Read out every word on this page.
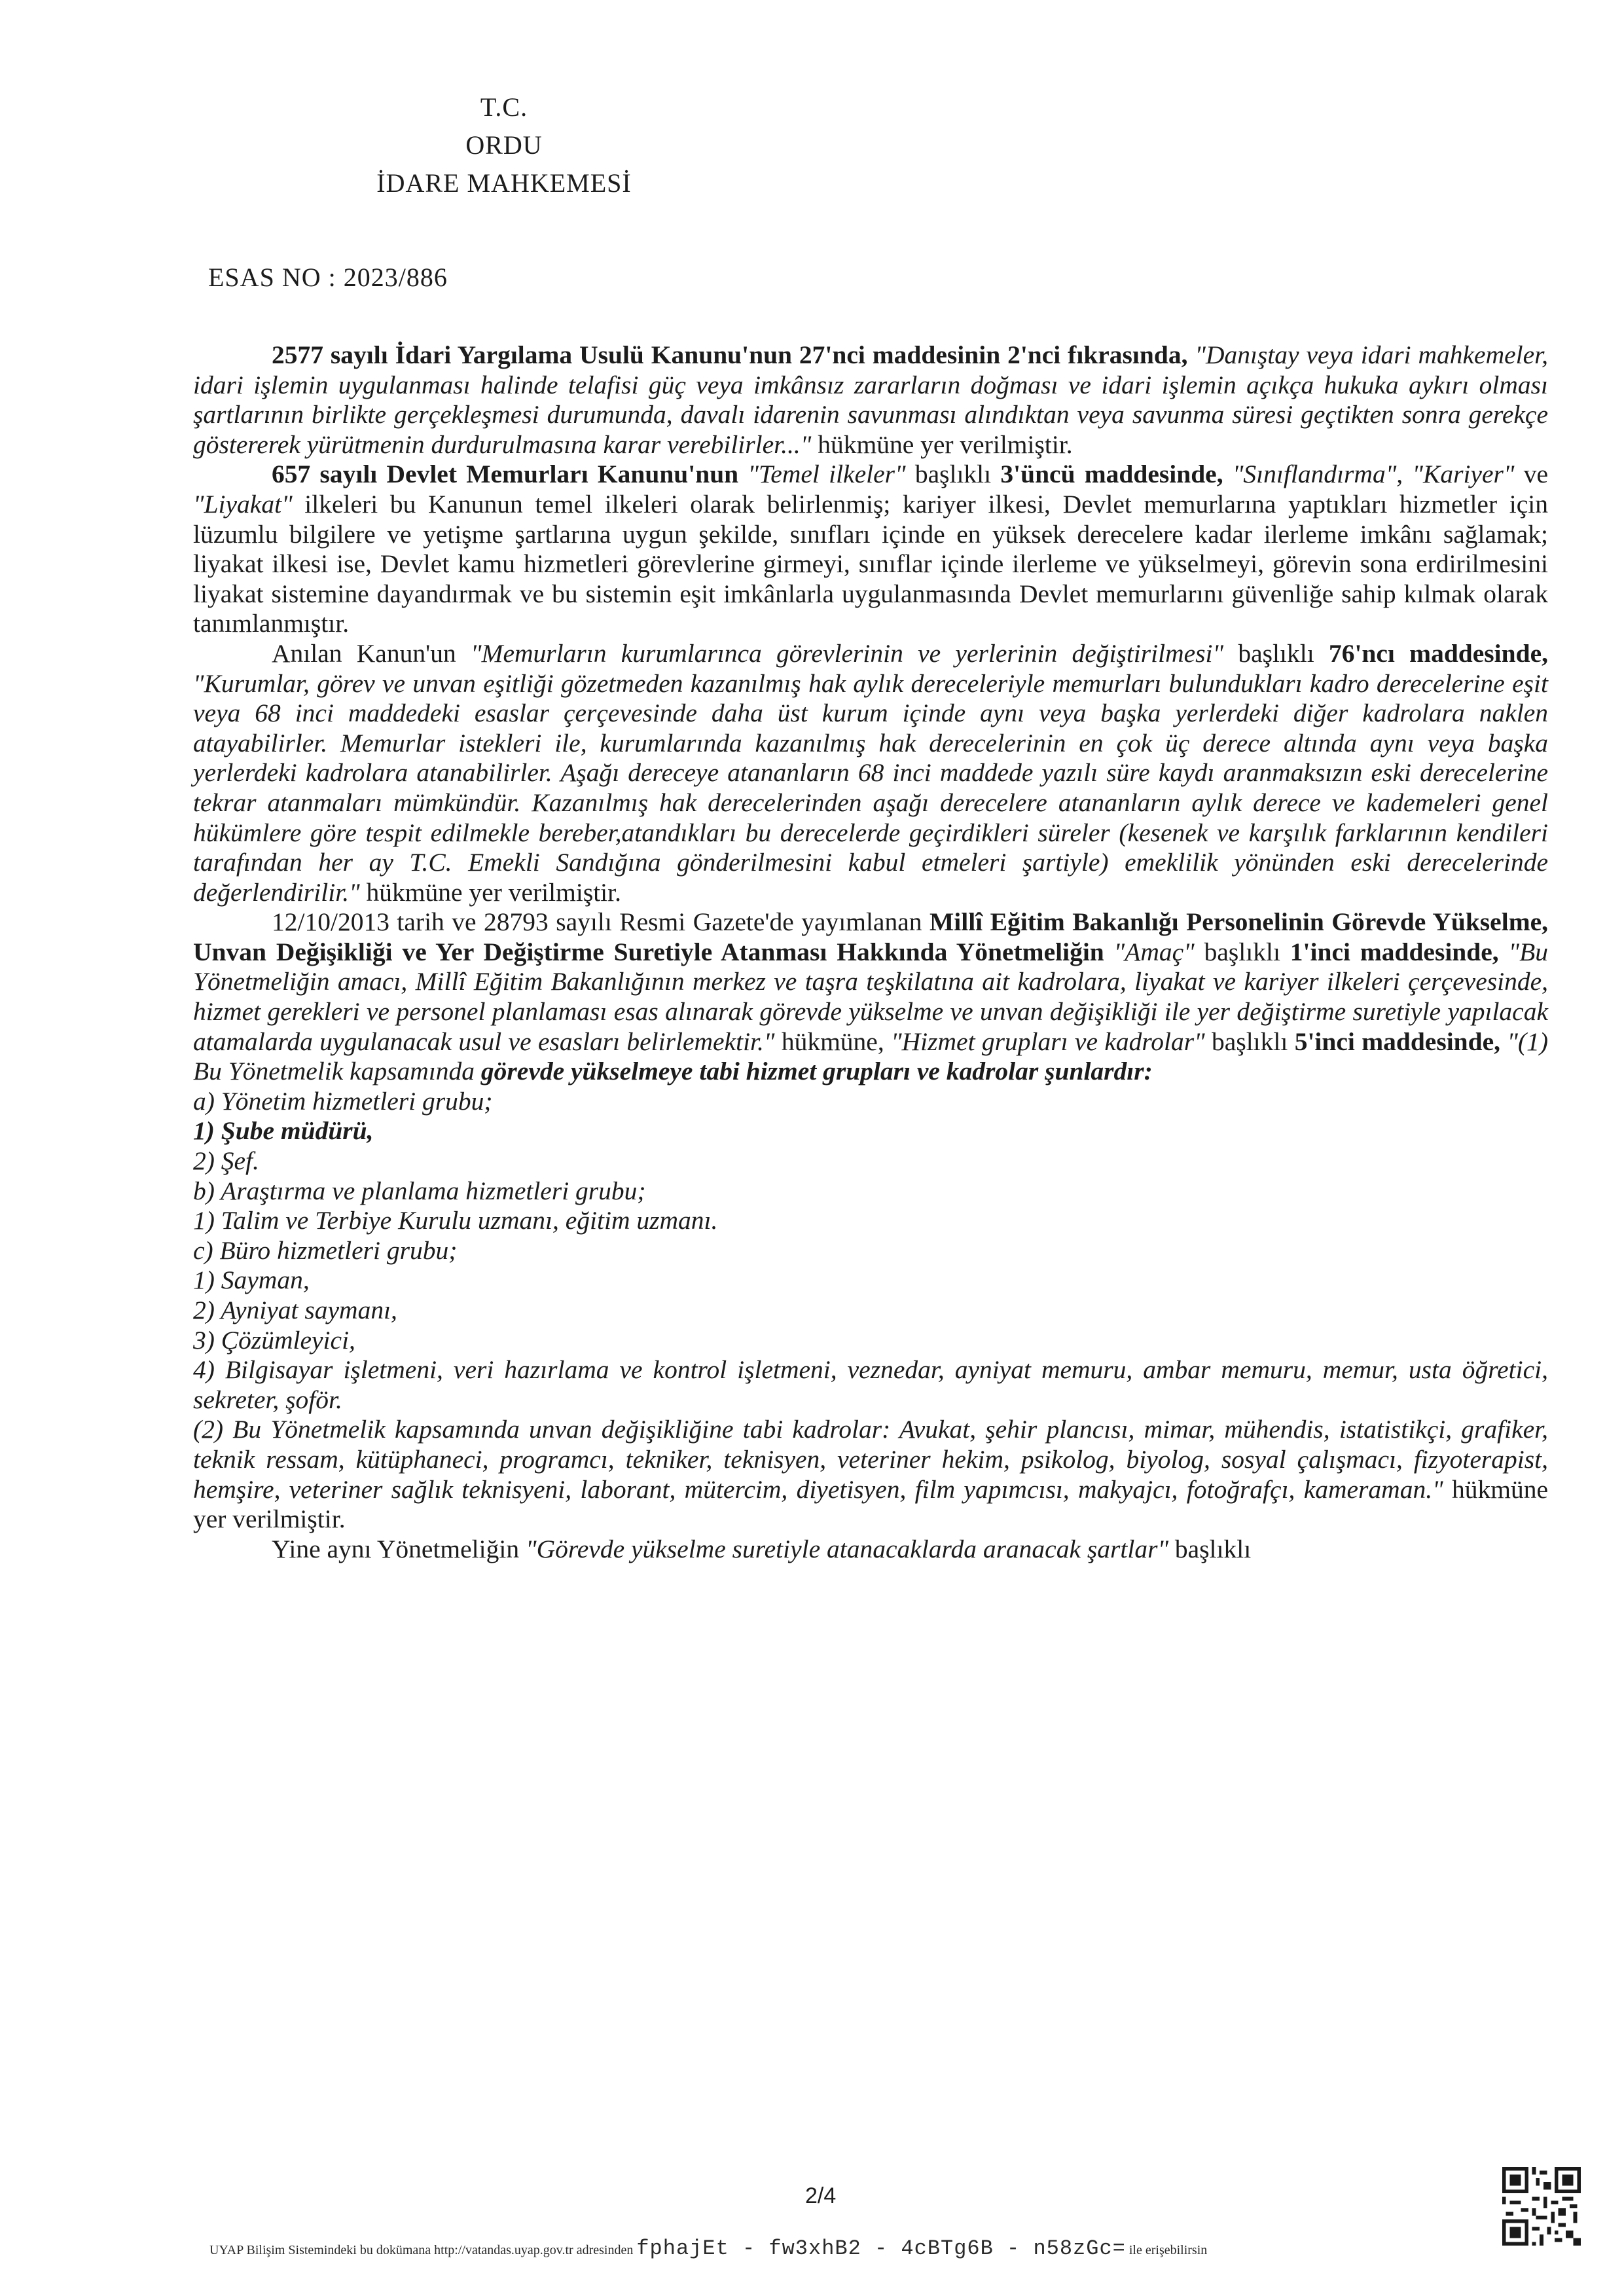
T.C.
ORDU
İDARE MAHKEMESİ
ESAS NO : 2023/886

2577 sayılı İdari Yargılama Usulü Kanunu'nun 27'nci maddesinin 2'nci fıkrasında, "Danıştay veya idari mahkemeler, idari işlemin uygulanması halinde telafisi güç veya imkânsız zararların doğması ve idari işlemin açıkça hukuka aykırı olması şartlarının birlikte gerçekleşmesi durumunda, davalı idarenin savunması alındıktan veya savunma süresi geçtikten sonra gerekçe göstererek yürütmenin durdurulmasına karar verebilirler..." hükmüne yer verilmiştir.

657 sayılı Devlet Memurları Kanunu'nun "Temel ilkeler" başlıklı 3'üncü maddesinde, "Sınıflandırma", "Kariyer" ve "Liyakat" ilkeleri bu Kanunun temel ilkeleri olarak belirlenmiş; kariyer ilkesi, Devlet memurlarına yaptıkları hizmetler için lüzumlu bilgilere ve yetişme şartlarına uygun şekilde, sınıfları içinde en yüksek derecelere kadar ilerleme imkânı sağlamak; liyakat ilkesi ise, Devlet kamu hizmetleri görevlerine girmeyi, sınıflar içinde ilerleme ve yükselmeyi, görevin sona erdirilmesini liyakat sistemine dayandırmak ve bu sistemin eşit imkânlarla uygulanmasında Devlet memurlarını güvenliğe sahip kılmak olarak tanımlanmıştır.

Anılan Kanun'un "Memurların kurumlarınca görevlerinin ve yerlerinin değiştirilmesi" başlıklı 76'ncı maddesinde, "Kurumlar, görev ve unvan eşitliği gözetmeden kazanılmış hak aylık dereceleriyle memurları bulundukları kadro derecelerine eşit veya 68 inci maddedeki esaslar çerçevesinde daha üst kurum içinde aynı veya başka yerlerdeki diğer kadrolara naklen atayabilirler. Memurlar istekleri ile, kurumlarında kazanılmış hak derecelerinin en çok üç derece altında aynı veya başka yerlerdeki kadrolara atanabilirler. Aşağı dereceye atananların 68 inci maddede yazılı süre kaydı aranmaksızın eski derecelerine tekrar atanmaları mümkündür. Kazanılmış hak derecelerinden aşağı derecelere atananların aylık derece ve kademeleri genel hükümlere göre tespit edilmekle bereber,atandıkları bu derecelerde geçirdikleri süreler (kesenek ve karşılık farklarının kendileri tarafından her ay T.C. Emekli Sandığına gönderilmesini kabul etmeleri şartiyle) emeklilik yönünden eski derecelerinde değerlendirilir." hükmüne yer verilmiştir.

12/10/2013 tarih ve 28793 sayılı Resmi Gazete'de yayımlanan Millî Eğitim Bakanlığı Personelinin Görevde Yükselme, Unvan Değişikliği ve Yer Değiştirme Suretiyle Atanması Hakkında Yönetmeliğin "Amaç" başlıklı 1'inci maddesinde, "Bu Yönetmeliğin amacı, Millî Eğitim Bakanlığının merkez ve taşra teşkilatına ait kadrolara, liyakat ve kariyer ilkeleri çerçevesinde, hizmet gerekleri ve personel planlaması esas alınarak görevde yükselme ve unvan değişikliği ile yer değiştirme suretiyle yapılacak atamalarda uygulanacak usul ve esasları belirlemektir." hükmüne, "Hizmet grupları ve kadrolar" başlıklı 5'inci maddesinde, "(1) Bu Yönetmelik kapsamında görevde yükselmeye tabi hizmet grupları ve kadrolar şunlardır:

a) Yönetim hizmetleri grubu;
1) Şube müdürü,
2) Şef.
b) Araştırma ve planlama hizmetleri grubu;
1) Talim ve Terbiye Kurulu uzmanı, eğitim uzmanı.
c) Büro hizmetleri grubu;
1) Sayman,
2) Ayniyat saymanı,
3) Çözümleyici,
4) Bilgisayar işletmeni, veri hazırlama ve kontrol işletmeni, veznedar, ayniyat memuru, ambar memuru, memur, usta öğretici, sekreter, şoför.

(2) Bu Yönetmelik kapsamında unvan değişikliğine tabi kadrolar: Avukat, şehir plancısı, mimar, mühendis, istatistikçi, grafiker, teknik ressam, kütüphaneci, programcı, tekniker, teknisyen, veteriner hekim, psikolog, biyolog, sosyal çalışmacı, fizyoterapist, hemşire, veteriner sağlık teknisyeni, laborant, mütercim, diyetisyen, film yapımcısı, makyajcı, fotoğrafçı, kameraman." hükmüne yer verilmiştir.

Yine aynı Yönetmeliğin "Görevde yükselme suretiyle atanacaklarda aranacak şartlar" başlıklı

2/4
UYAP Bilişim Sistemindeki bu dokümana http://vatandas.uyap.gov.tr adresinden fphajEt - fw3xhB2 - 4cBTg6B - n58zGc= ile erişebilirsin
